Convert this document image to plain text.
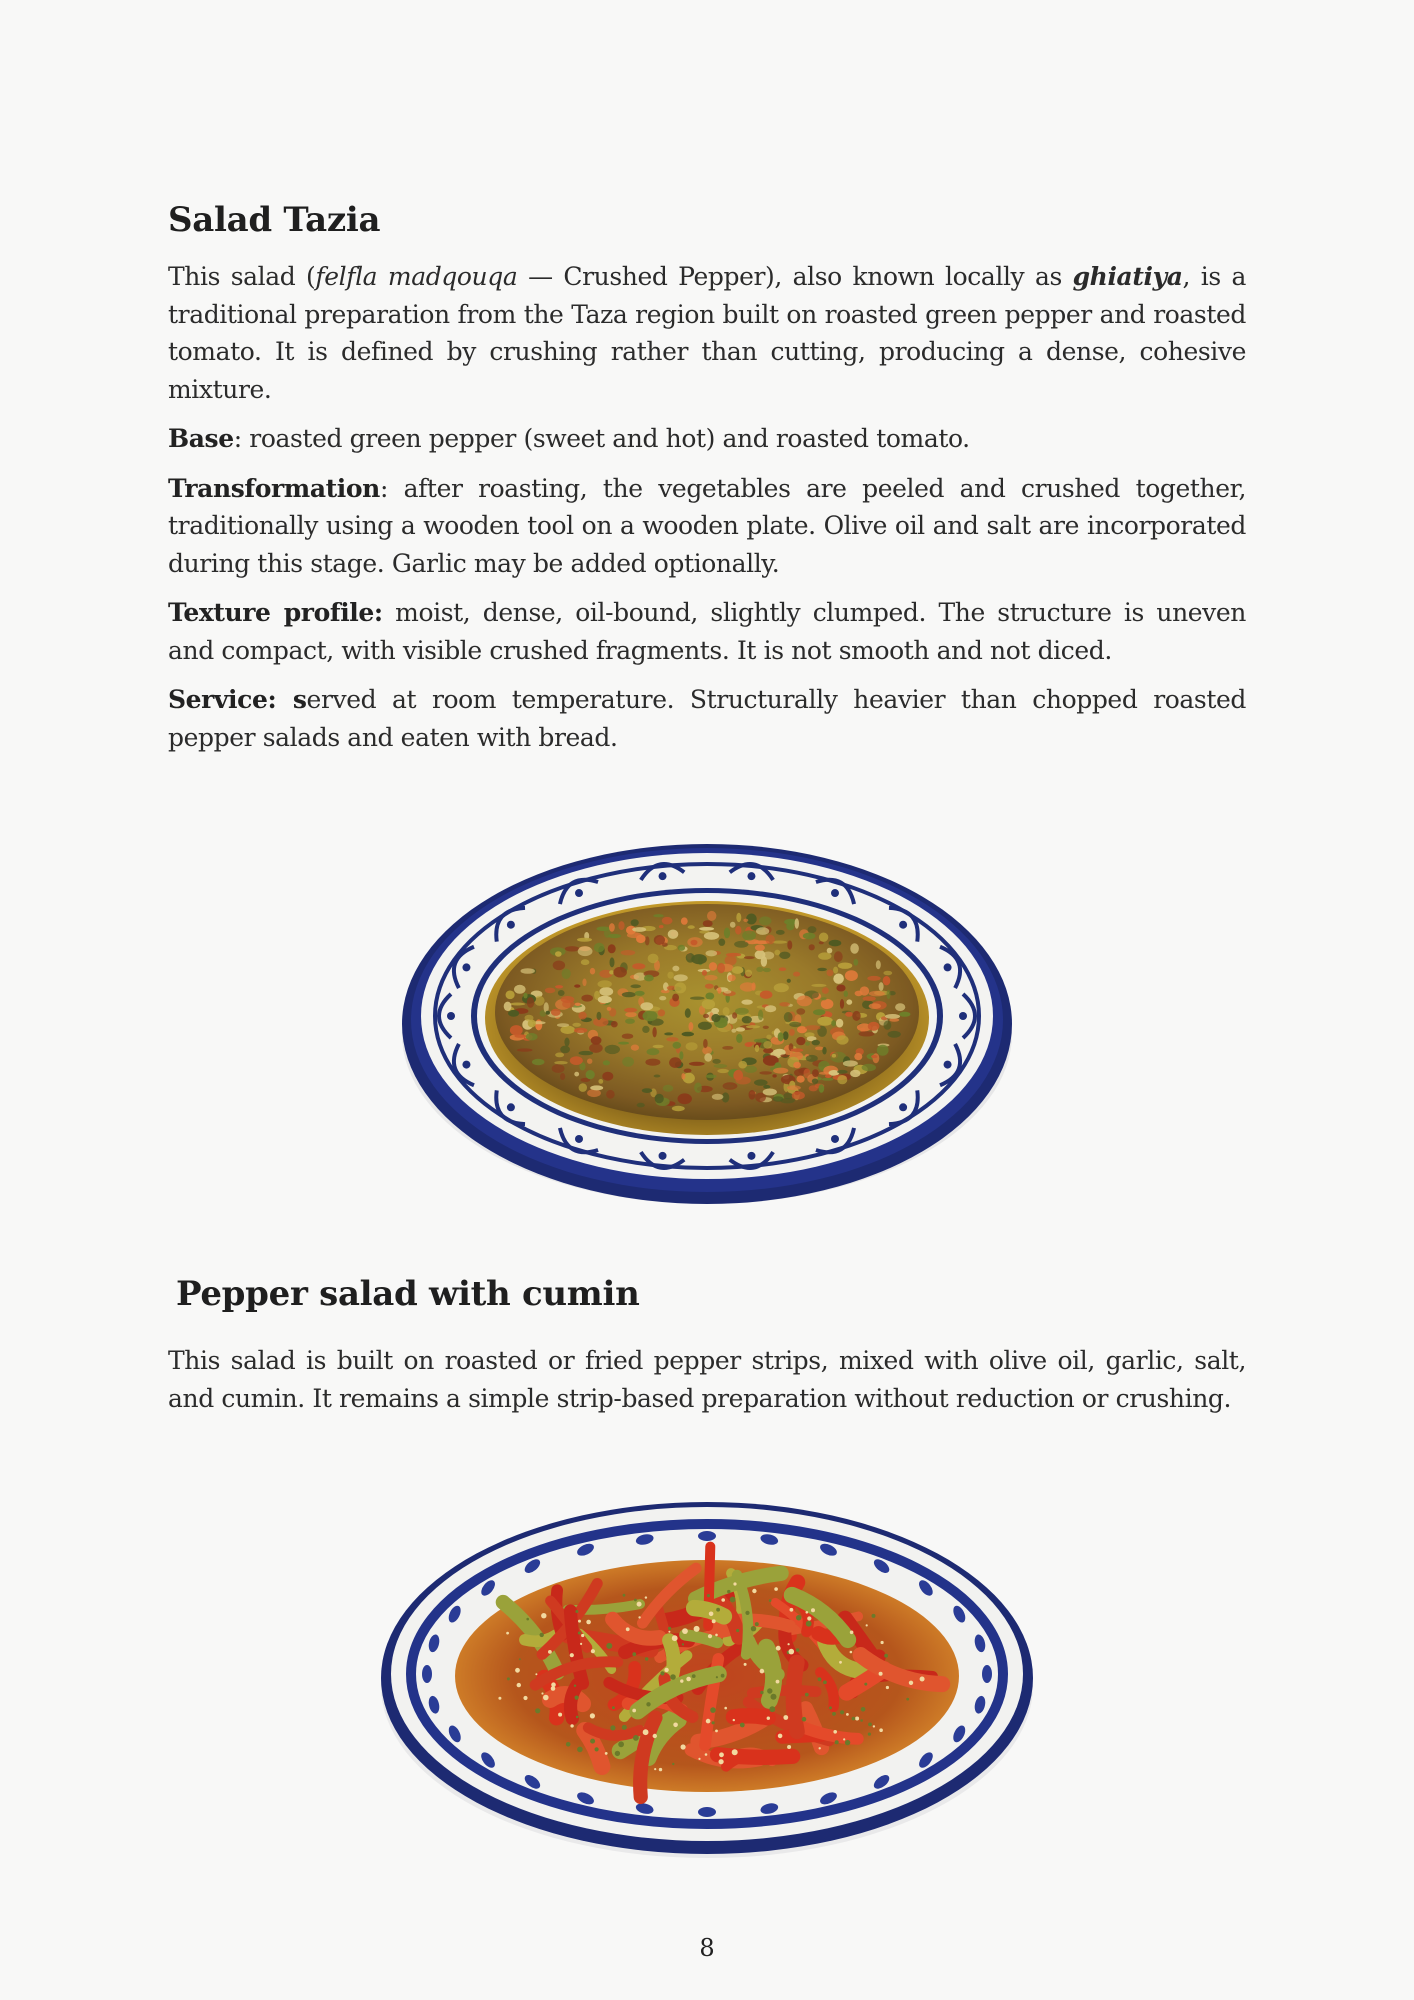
Salad Tazia

This salad (felfla madqouqa — Crushed Pepper), also known locally as ghiatiya, is a traditional preparation from the Taza region built on roasted green pepper and roasted tomato. It is defined by crushing rather than cutting, producing a dense, cohesive mixture.

Base: roasted green pepper (sweet and hot) and roasted tomato.

Transformation: after roasting, the vegetables are peeled and crushed together, traditionally using a wooden tool on a wooden plate. Olive oil and salt are incorporated during this stage. Garlic may be added optionally.

Texture profile: moist, dense, oil-bound, slightly clumped. The structure is uneven and compact, with visible crushed fragments. It is not smooth and not diced.

Service: served at room temperature. Structurally heavier than chopped roasted pepper salads and eaten with bread.

Pepper salad with cumin

This salad is built on roasted or fried pepper strips, mixed with olive oil, garlic, salt, and cumin. It remains a simple strip-based preparation without reduction or crushing.

8
